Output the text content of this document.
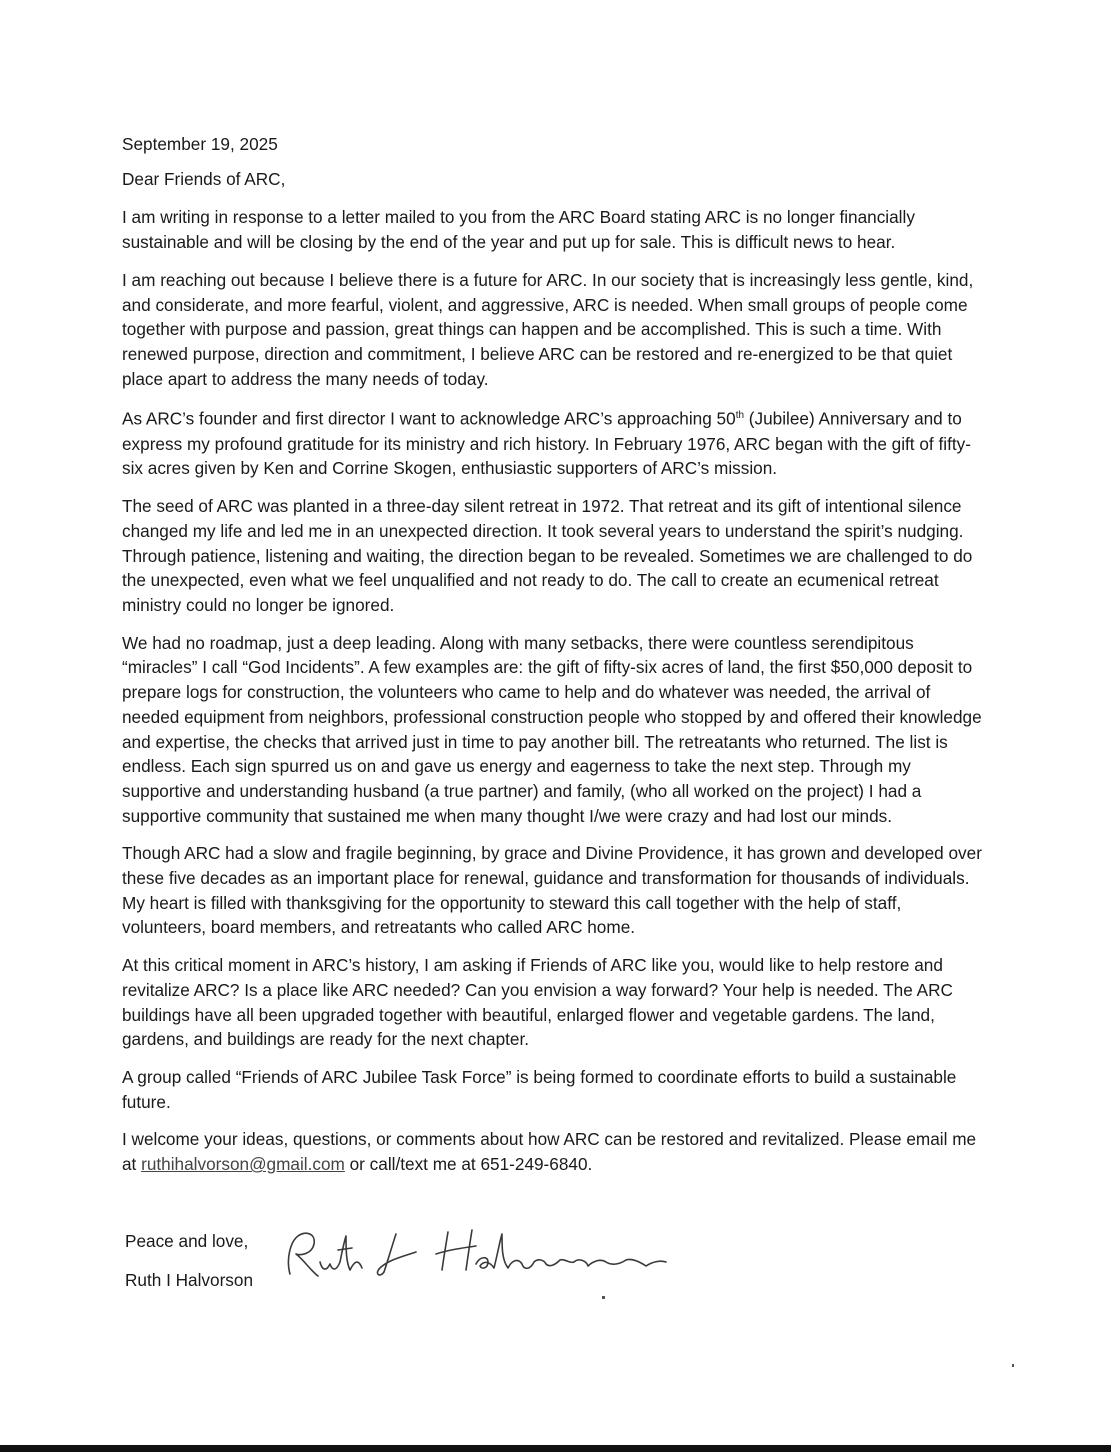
September 19, 2025

Dear Friends of ARC,

I am writing in response to a letter mailed to you from the ARC Board stating ARC is no longer financially sustainable and will be closing by the end of the year and put up for sale. This is difficult news to hear.

I am reaching out because I believe there is a future for ARC. In our society that is increasingly less gentle, kind, and considerate, and more fearful, violent, and aggressive, ARC is needed. When small groups of people come together with purpose and passion, great things can happen and be accomplished. This is such a time. With renewed purpose, direction and commitment, I believe ARC can be restored and re-energized to be that quiet place apart to address the many needs of today.

As ARC’s founder and first director I want to acknowledge ARC’s approaching 50th (Jubilee) Anniversary and to express my profound gratitude for its ministry and rich history. In February 1976, ARC began with the gift of fifty-six acres given by Ken and Corrine Skogen, enthusiastic supporters of ARC’s mission.

The seed of ARC was planted in a three-day silent retreat in 1972. That retreat and its gift of intentional silence changed my life and led me in an unexpected direction. It took several years to understand the spirit’s nudging. Through patience, listening and waiting, the direction began to be revealed. Sometimes we are challenged to do the unexpected, even what we feel unqualified and not ready to do. The call to create an ecumenical retreat ministry could no longer be ignored.

We had no roadmap, just a deep leading. Along with many setbacks, there were countless serendipitous “miracles” I call “God Incidents”. A few examples are: the gift of fifty-six acres of land, the first $50,000 deposit to prepare logs for construction, the volunteers who came to help and do whatever was needed, the arrival of needed equipment from neighbors, professional construction people who stopped by and offered their knowledge and expertise, the checks that arrived just in time to pay another bill. The retreatants who returned. The list is endless. Each sign spurred us on and gave us energy and eagerness to take the next step. Through my supportive and understanding husband (a true partner) and family, (who all worked on the project) I had a supportive community that sustained me when many thought I/we were crazy and had lost our minds.

Though ARC had a slow and fragile beginning, by grace and Divine Providence, it has grown and developed over these five decades as an important place for renewal, guidance and transformation for thousands of individuals. My heart is filled with thanksgiving for the opportunity to steward this call together with the help of staff, volunteers, board members, and retreatants who called ARC home.

At this critical moment in ARC’s history, I am asking if Friends of ARC like you, would like to help restore and revitalize ARC? Is a place like ARC needed? Can you envision a way forward? Your help is needed. The ARC buildings have all been upgraded together with beautiful, enlarged flower and vegetable gardens. The land, gardens, and buildings are ready for the next chapter.

A group called “Friends of ARC Jubilee Task Force” is being formed to coordinate efforts to build a sustainable future.

I welcome your ideas, questions, or comments about how ARC can be restored and revitalized. Please email me at ruthihalvorson@gmail.com or call/text me at 651-249-6840.

Peace and love,
Ruth I Halvorson
